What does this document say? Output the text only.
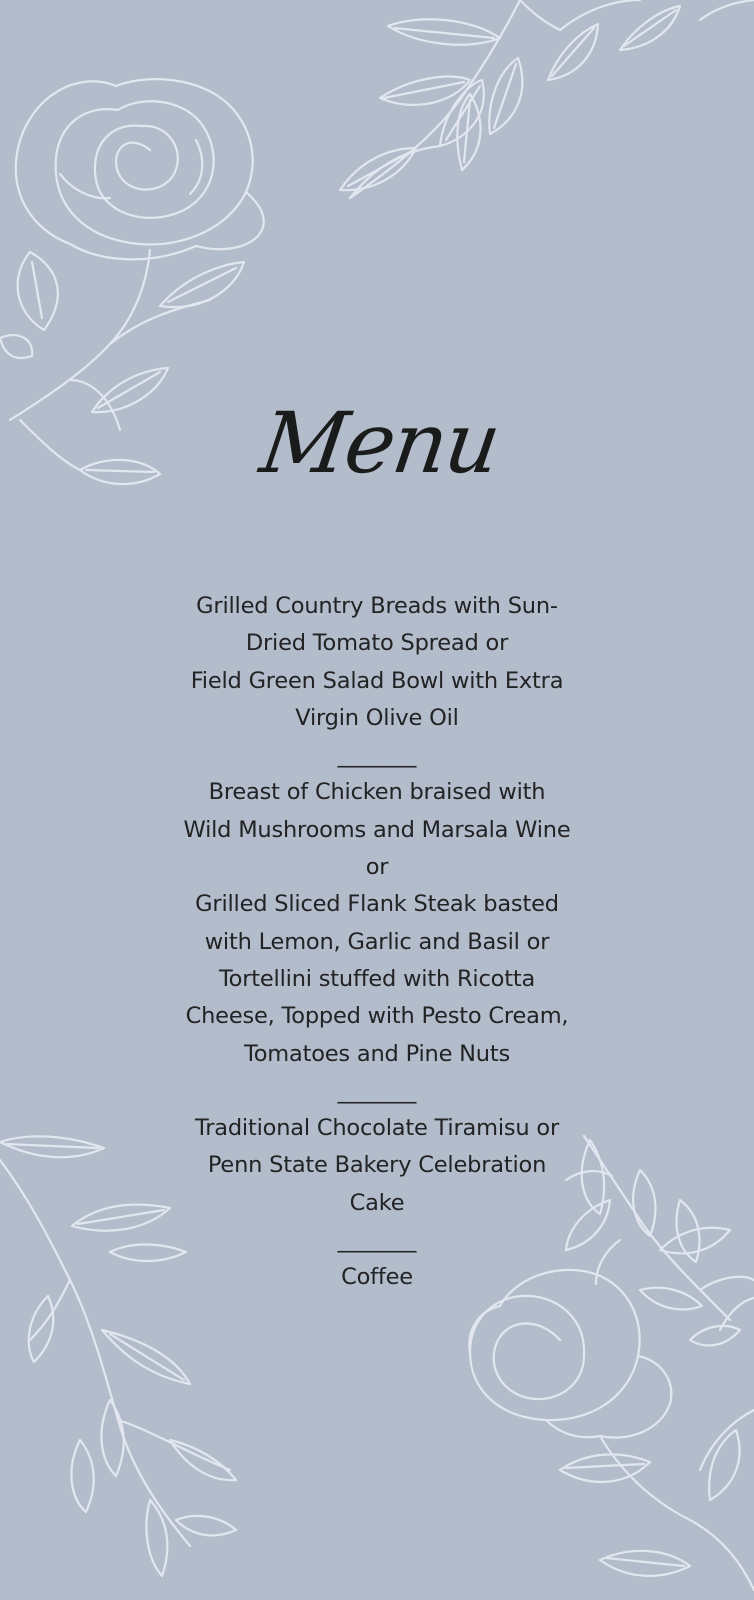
Menu

Grilled Country Breads with Sun-

Dried Tomato Spread or

Field Green Salad Bowl with Extra

Virgin Olive Oil

_______

Breast of Chicken braised with

Wild Mushrooms and Marsala Wine

or

Grilled Sliced Flank Steak basted

with Lemon, Garlic and Basil or

Tortellini stuffed with Ricotta

Cheese, Topped with Pesto Cream,

Tomatoes and Pine Nuts

_______

Traditional Chocolate Tiramisu or

Penn State Bakery Celebration

Cake

_______

Coffee
